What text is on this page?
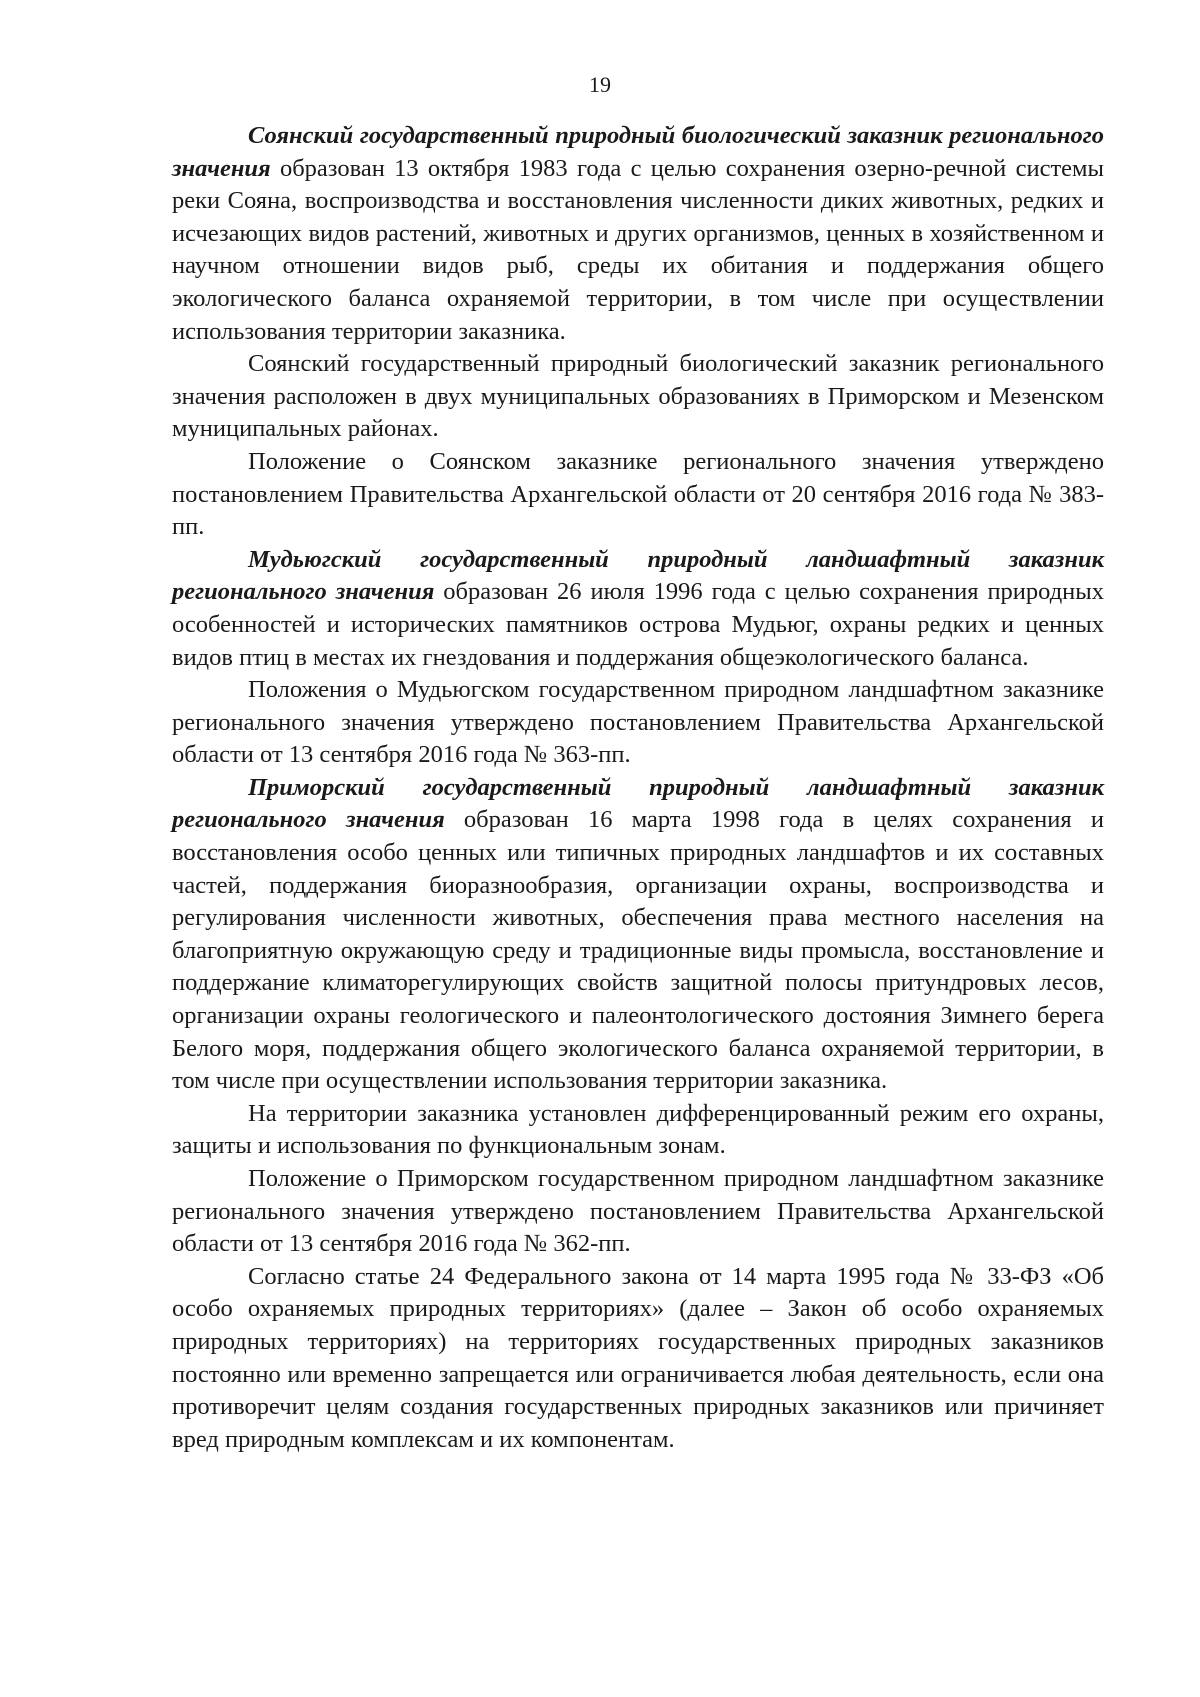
19

Соянский государственный природный биологический заказник регионального значения образован 13 октября 1983 года с целью сохранения озерно-речной системы реки Сояна, воспроизводства и восстановления численности диких животных, редких и исчезающих видов растений, животных и других организмов, ценных в хозяйственном и научном отношении видов рыб, среды их обитания и поддержания общего экологического баланса охраняемой территории, в том числе при осуществлении использования территории заказника.

Соянский государственный природный биологический заказник регионального значения расположен в двух муниципальных образованиях в Приморском и Мезенском муниципальных районах.

Положение о Соянском заказнике регионального значения утверждено постановлением Правительства Архангельской области от 20 сентября 2016 года № 383-пп.

Мудьюгский государственный природный ландшафтный заказник регионального значения образован 26 июля 1996 года с целью сохранения природных особенностей и исторических памятников острова Мудьюг, охраны редких и ценных видов птиц в местах их гнездования и поддержания общеэкологического баланса.

Положения о Мудьюгском государственном природном ландшафтном заказнике регионального значения утверждено постановлением Правительства Архангельской области от 13 сентября 2016 года № 363-пп.

Приморский государственный природный ландшафтный заказник регионального значения образован 16 марта 1998 года в целях сохранения и восстановления особо ценных или типичных природных ландшафтов и их составных частей, поддержания биоразнообразия, организации охраны, воспроизводства и регулирования численности животных, обеспечения права местного населения на благоприятную окружающую среду и традиционные виды промысла, восстановление и поддержание климаторегулирующих свойств защитной полосы притундровых лесов, организации охраны геологического и палеонтологического достояния Зимнего берега Белого моря, поддержания общего экологического баланса охраняемой территории, в том числе при осуществлении использования территории заказника.

На территории заказника установлен дифференцированный режим его охраны, защиты и использования по функциональным зонам.

Положение о Приморском государственном природном ландшафтном заказнике регионального значения утверждено постановлением Правительства Архангельской области от 13 сентября 2016 года № 362-пп.

Согласно статье 24 Федерального закона от 14 марта 1995 года № 33-ФЗ «Об особо охраняемых природных территориях» (далее – Закон об особо охраняемых природных территориях) на территориях государственных природных заказников постоянно или временно запрещается или ограничивается любая деятельность, если она противоречит целям создания государственных природных заказников или причиняет вред природным комплексам и их компонентам.
